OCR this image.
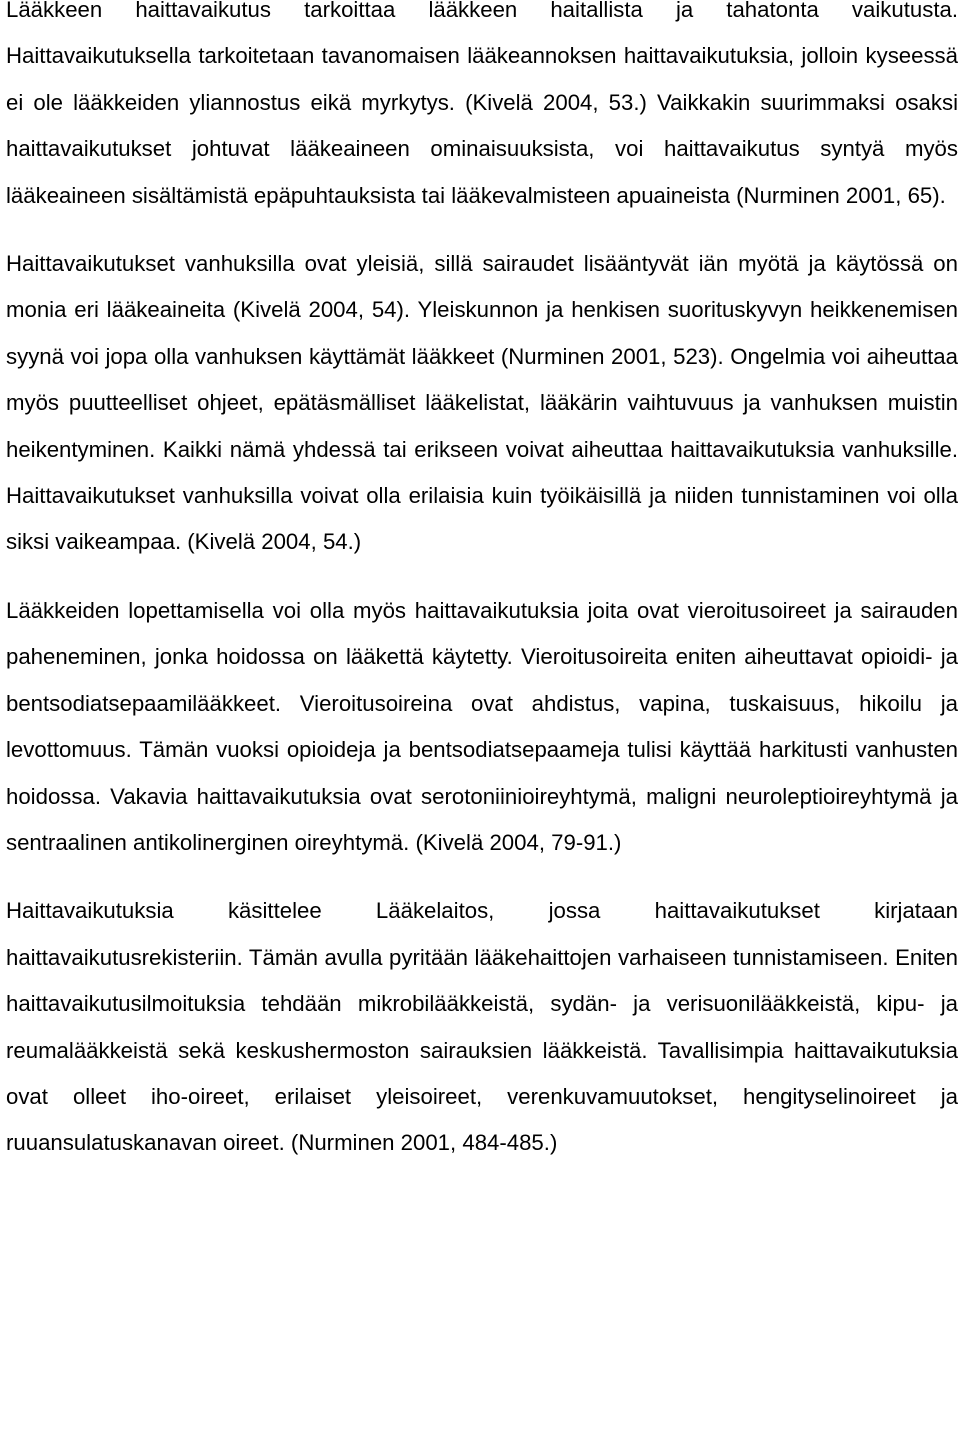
Lääkkeen haittavaikutus tarkoittaa lääkkeen haitallista ja tahatonta vaikutusta. Haittavaikutuksella tarkoitetaan tavanomaisen lääkeannoksen haittavaikutuksia, jolloin kyseessä ei ole lääkkeiden yliannostus eikä myrkytys. (Kivelä 2004, 53.) Vaikkakin suurimmaksi osaksi haittavaikutukset johtuvat lääkeaineen ominaisuuksista, voi haittavaikutus syntyä myös lääkeaineen sisältämistä epäpuhtauksista tai lääkevalmisteen apuaineista (Nurminen 2001, 65).

Haittavaikutukset vanhuksilla ovat yleisiä, sillä sairaudet lisääntyvät iän myötä ja käytössä on monia eri lääkeaineita (Kivelä 2004, 54). Yleiskunnon ja henkisen suorituskyvyn heikkenemisen syynä voi jopa olla vanhuksen käyttämät lääkkeet (Nurminen 2001, 523). Ongelmia voi aiheuttaa myös puutteelliset ohjeet, epätäsmälliset lääkelistat, lääkärin vaihtuvuus ja vanhuksen muistin heikentyminen. Kaikki nämä yhdessä tai erikseen voivat aiheuttaa haittavaikutuksia vanhuksille. Haittavaikutukset vanhuksilla voivat olla erilaisia kuin työikäisillä ja niiden tunnistaminen voi olla siksi vaikeampaa. (Kivelä 2004, 54.)

Lääkkeiden lopettamisella voi olla myös haittavaikutuksia joita ovat vieroitusoireet ja sairauden paheneminen, jonka hoidossa on lääkettä käytetty. Vieroitusoireita eniten aiheuttavat opioidi- ja bentsodiatsepaamilääkkeet. Vieroitusoireina ovat ahdistus, vapina, tuskaisuus, hikoilu ja levottomuus. Tämän vuoksi opioideja ja bentsodiatsepaameja tulisi käyttää harkitusti vanhusten hoidossa. Vakavia haittavaikutuksia ovat serotoniinioireyhtymä, maligni neuroleptioireyhtymä ja sentraalinen antikolinerginen oireyhtymä. (Kivelä 2004, 79-91.)

Haittavaikutuksia käsittelee Lääkelaitos, jossa haittavaikutukset kirjataan haittavaikutusrekisteriin. Tämän avulla pyritään lääkehaittojen varhaiseen tunnistamiseen. Eniten haittavaikutusilmoituksia tehdään mikrobilääkkeistä, sydän- ja verisuonilääkkeistä, kipu- ja reumalääkkeistä sekä keskushermoston sairauksien lääkkeistä. Tavallisimpia haittavaikutuksia ovat olleet iho-oireet, erilaiset yleisoireet, verenkuvamuutokset, hengityselinoireet ja ruuansulatuskanavan oireet. (Nurminen 2001, 484-485.)
